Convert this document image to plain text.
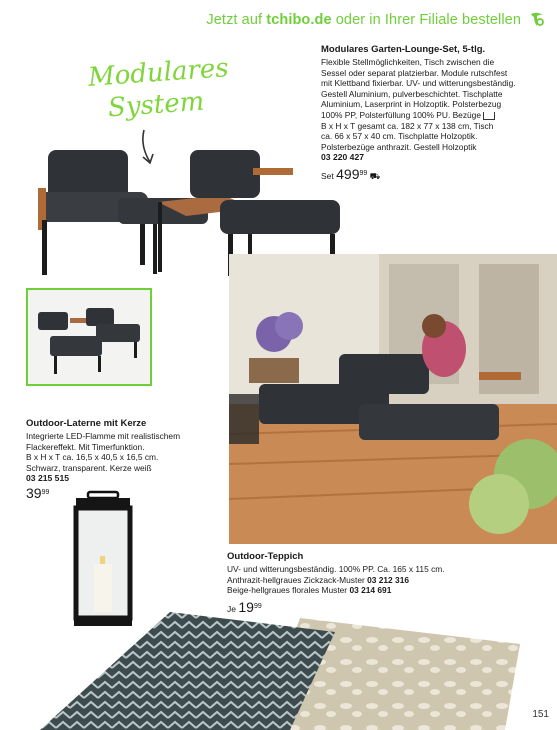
Jetzt auf tchibo.de oder in Ihrer Filiale bestellen
Modulares
System
Modulares Garten-Lounge-Set, 5-tlg.
Flexible Stellmöglichkeiten, Tisch zwischen die
Sessel oder separat platzierbar. Module rutschfest
mit Klettband fixierbar. UV- und witterungsbeständig.
Gestell Aluminium, pulverbeschichtet. Tischplatte
Aluminium, Laserprint in Holzoptik. Polsterbezug
100% PP, Polsterfüllung 100% PU. Bezüge
B x H x T gesamt ca. 182 x 77 x 138 cm, Tisch
ca. 66 x 57 x 40 cm. Tischplatte Holzoptik.
Polsterbezüge anthrazit. Gestell Holzoptik
03 220 427
Set $499^{99}$ ⛟
Outdoor-Laterne mit Kerze
Integrierte LED-Flamme mit realistischem
Flackereffekt. Mit Timerfunktion.
B x H x T ca. 16,5 x 40,5 x 16,5 cm.
Schwarz, transparent. Kerze weiß
03 215 515
$39^{99}$
Outdoor-Teppich
UV- und witterungsbeständig. 100% PP. Ca. 165 x 115 cm.
Anthrazit-hellgraues Zickzack-Muster 03 212 316
Beige-hellgraues florales Muster 03 214 691
Je $19^{99}$
151
